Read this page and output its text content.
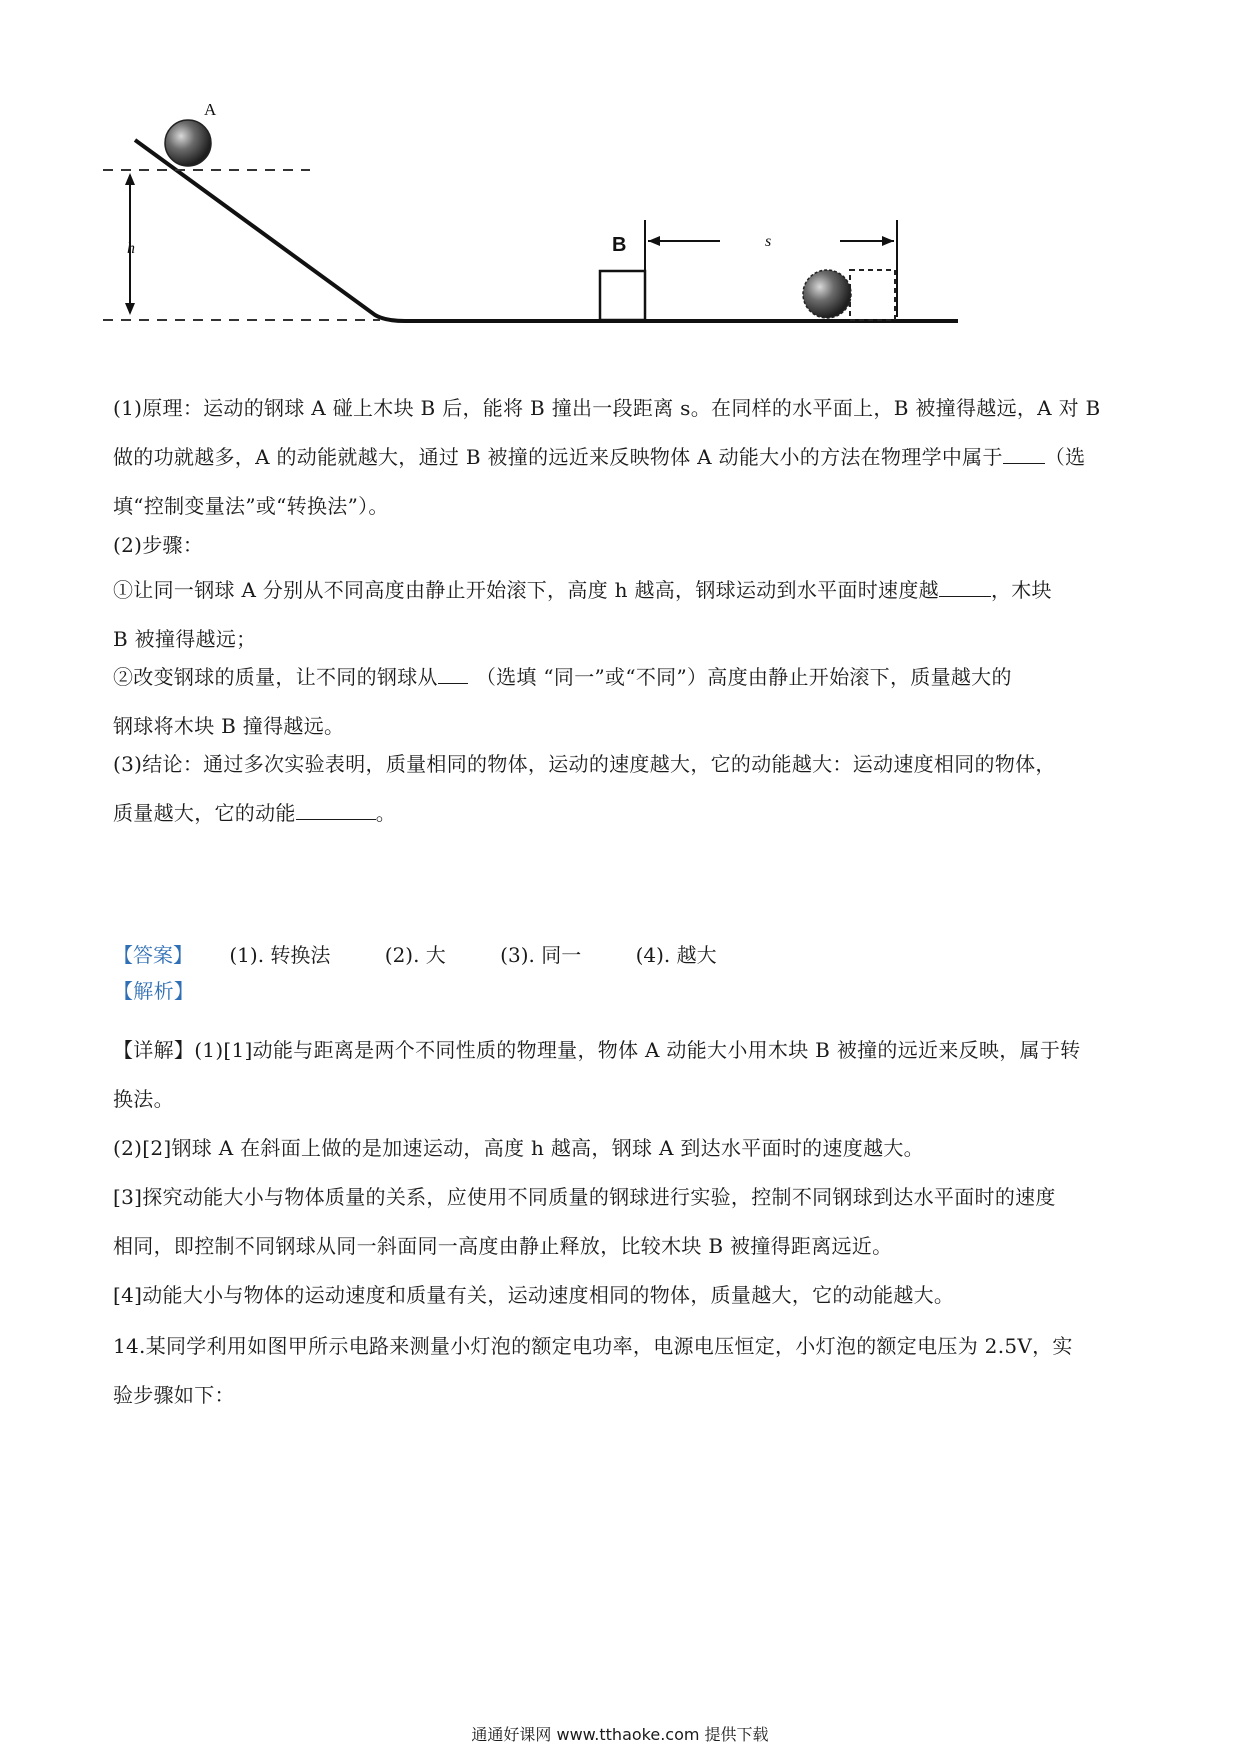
h
A
B	s
(1)原理：运动的钢球 A 碰上木块 B 后，能将 B 撞出一段距离 s。在同样的水平面上，B 被撞得越远，A 对 B
做的功就越多，A 的动能就越大，通过 B 被撞的远近来反映物体 A 动能大小的方法在物理学中属于 （选
填“控制变量法”或“转换法”）。
(2)步骤：
①让同一钢球 A 分别从不同高度由静止开始滚下，高度 h 越高，钢球运动到水平面时速度越	，木块
B 被撞得越远；
②改变钢球的质量，让不同的钢球从 （选填 “同一”或“不同”）高度由静止开始滚下，质量越大的
钢球将木块 B 撞得越远。
(3)结论：通过多次实验表明，质量相同的物体，运动的速度越大，它的动能越大：运动速度相同的物体，
质量越大，它的动能	。
【答案】 (1). 转换法	(2). 大	(3). 同一	(4). 越大
【解析】
【详解】(1)[1]动能与距离是两个不同性质的物理量，物体 A 动能大小用木块 B 被撞的远近来反映，属于转
换法。
(2)[2]钢球 A 在斜面上做的是加速运动，高度 h 越高，钢球 A 到达水平面时的速度越大。
[3]探究动能大小与物体质量的关系，应使用不同质量的钢球进行实验，控制不同钢球到达水平面时的速度
相同，即控制不同钢球从同一斜面同一高度由静止释放，比较木块 B 被撞得距离远近。
[4]动能大小与物体的运动速度和质量有关，运动速度相同的物体，质量越大，它的动能越大。
14.某同学利用如图甲所示电路来测量小灯泡的额定电功率，电源电压恒定，小灯泡的额定电压为 2.5V，实
验步骤如下：
通通好课网 www.tthaoke.com 提供下载
